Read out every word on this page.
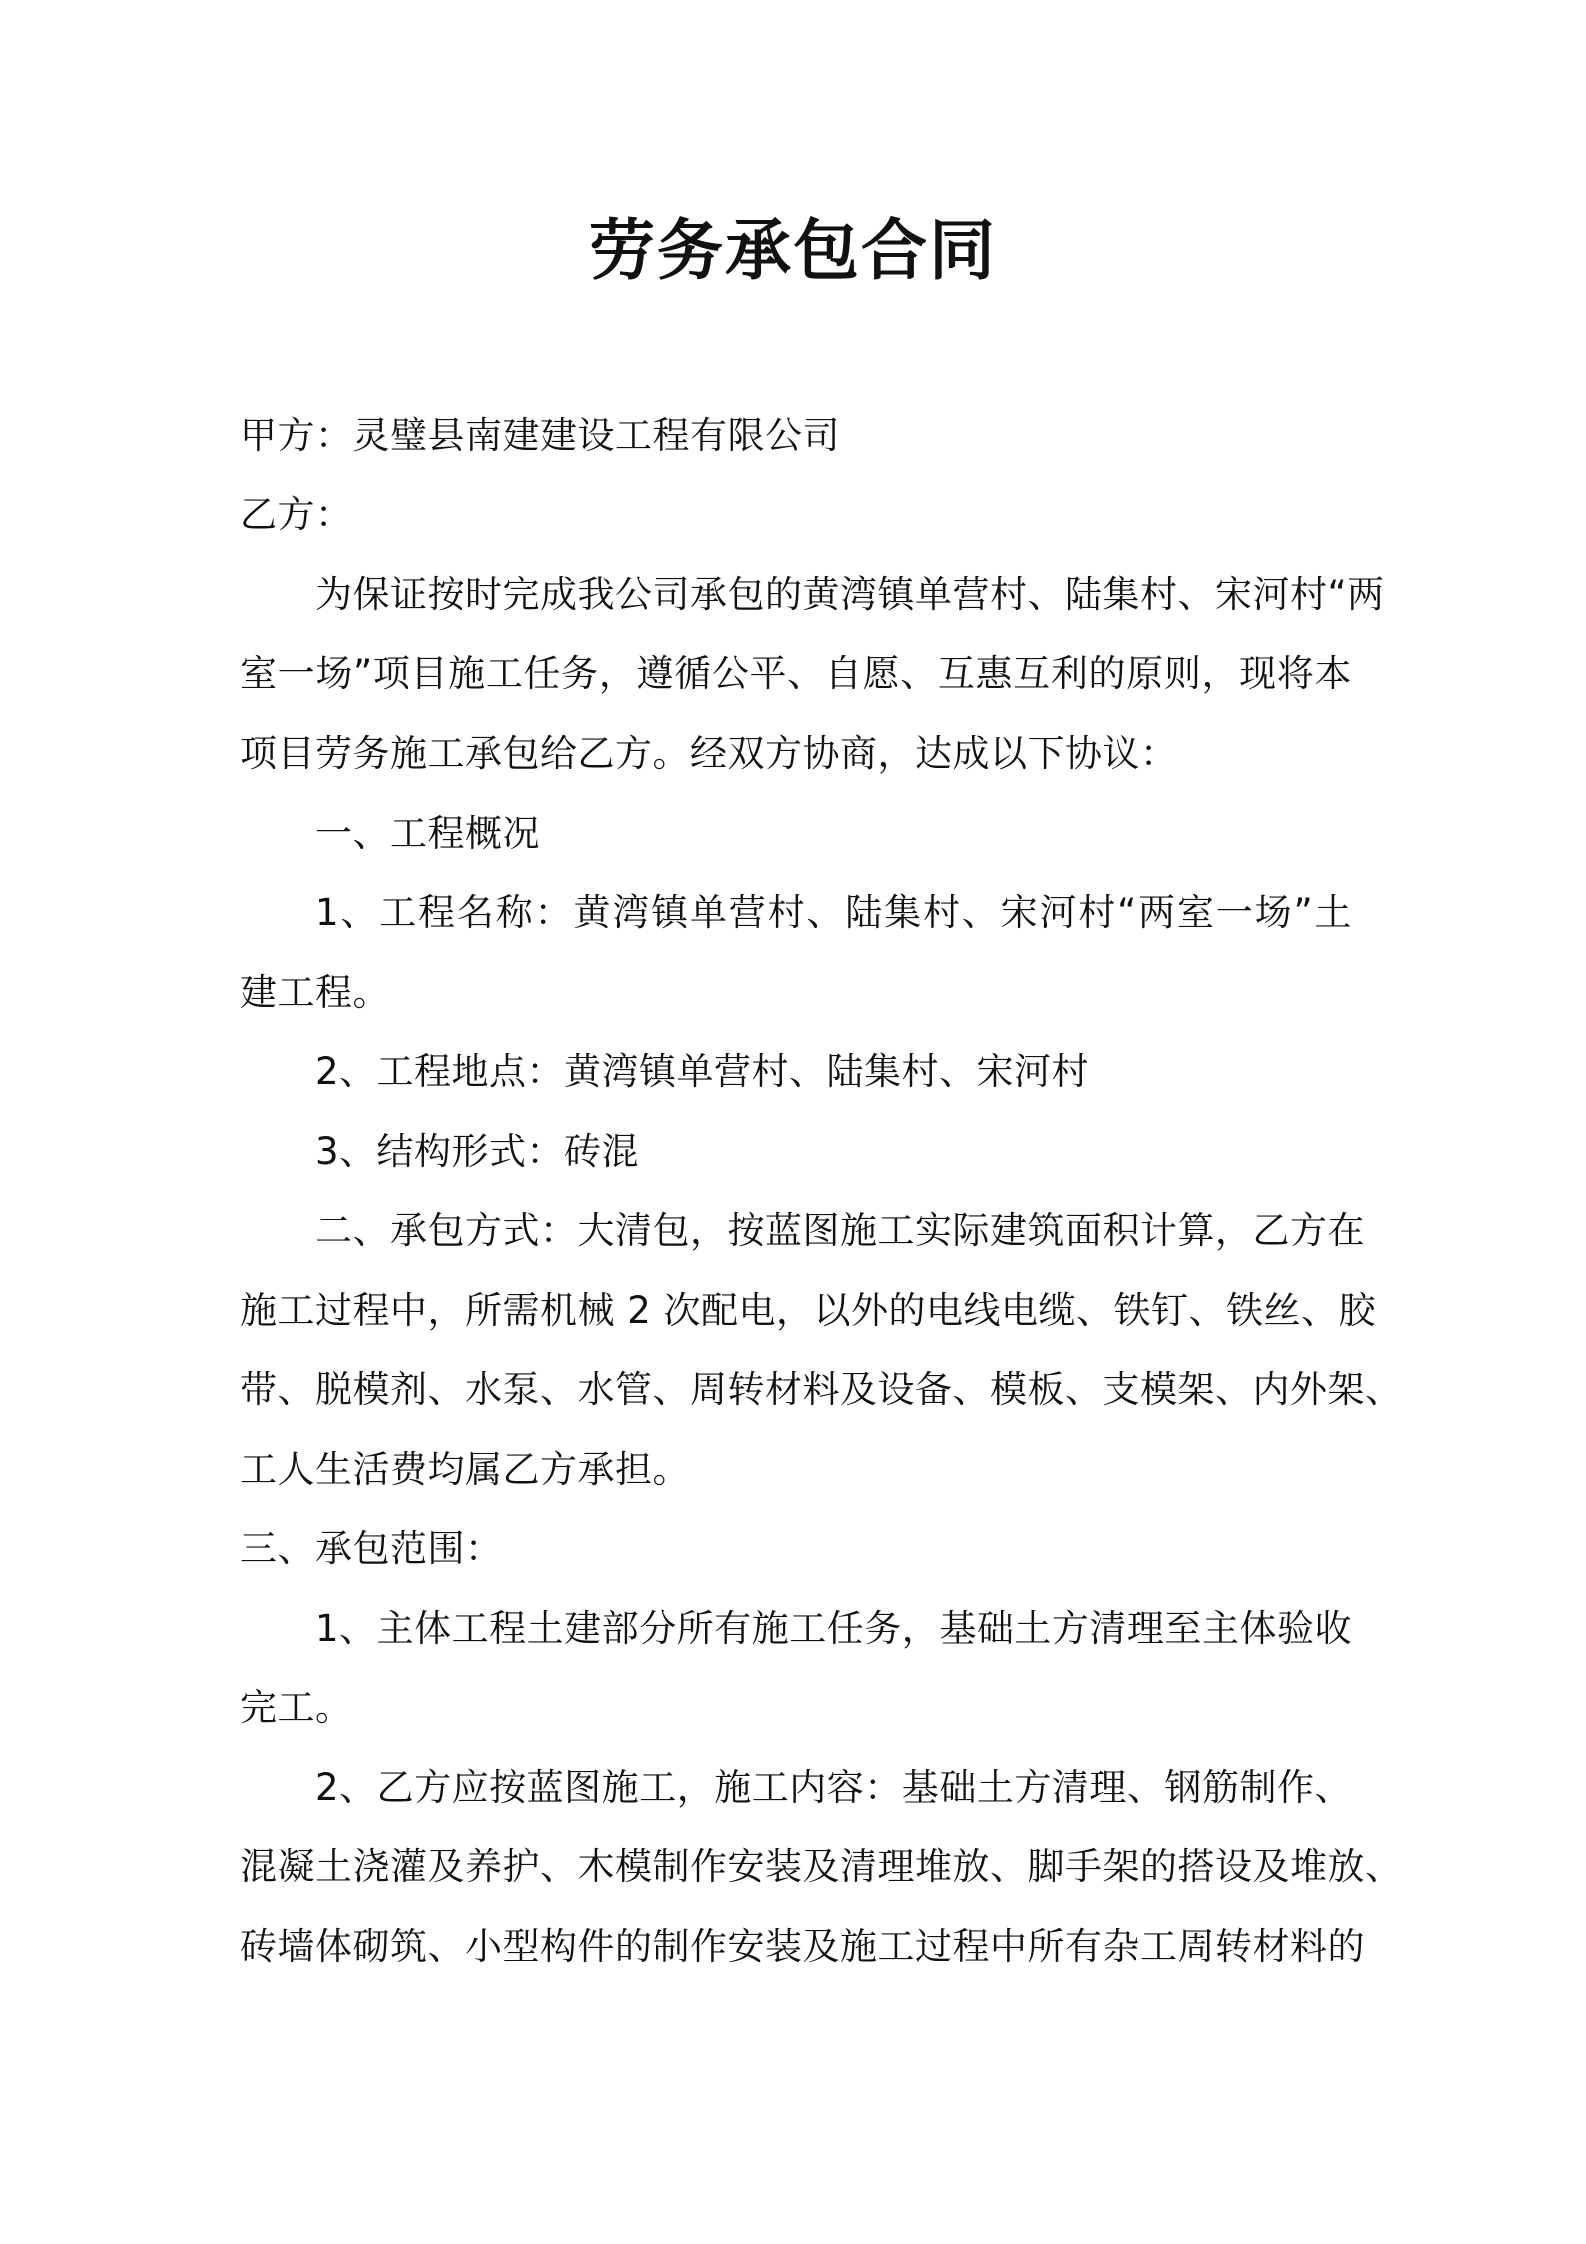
劳务承包合同
甲方：灵璧县南建建设工程有限公司
乙方：
为保证按时完成我公司承包的黄湾镇单营村、陆集村、宋河村“两
室一场”项目施工任务，遵循公平、自愿、互惠互利的原则，现将本
项目劳务施工承包给乙方。经双方协商，达成以下协议：
一、工程概况
1、工程名称：黄湾镇单营村、陆集村、宋河村“两室一场”土
建工程。
2、工程地点：黄湾镇单营村、陆集村、宋河村
3、结构形式：砖混
二、承包方式：大清包，按蓝图施工实际建筑面积计算，乙方在
施工过程中，所需机械 2 次配电，以外的电线电缆、铁钉、铁丝、胶
带、脱模剂、水泵、水管、周转材料及设备、模板、支模架、内外架、
工人生活费均属乙方承担。
三、承包范围：
1、主体工程土建部分所有施工任务，基础土方清理至主体验收
完工。
2、乙方应按蓝图施工，施工内容：基础土方清理、钢筋制作、
混凝土浇灌及养护、木模制作安装及清理堆放、脚手架的搭设及堆放、
砖墙体砌筑、小型构件的制作安装及施工过程中所有杂工周转材料的
